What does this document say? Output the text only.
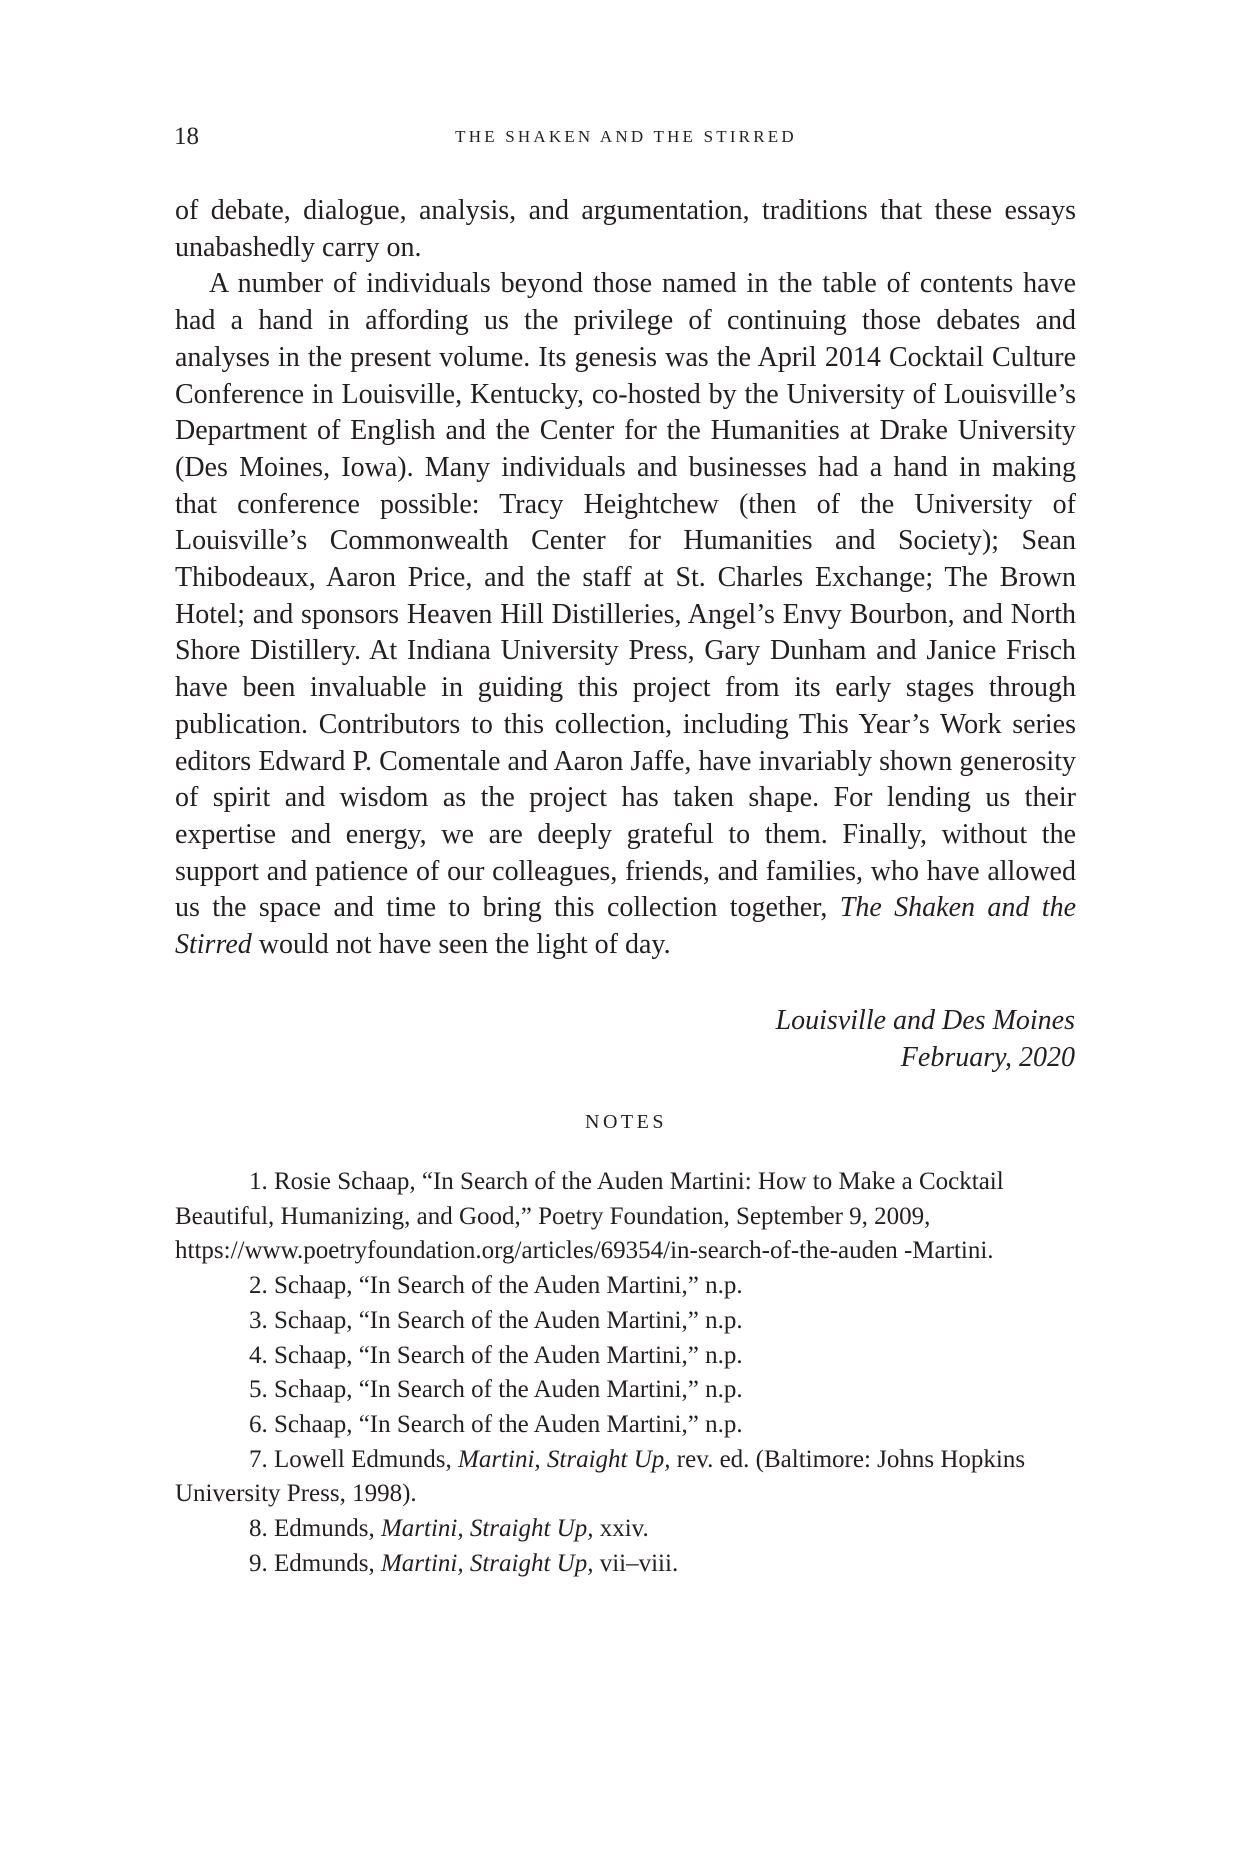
18	THE SHAKEN AND THE STIRRED

of debate, dialogue, analysis, and argumentation, traditions that these essays unabashedly carry on.

A number of individuals beyond those named in the table of contents have had a hand in affording us the privilege of continuing those debates and analyses in the present volume. Its genesis was the April 2014 Cocktail Culture Conference in Louisville, Kentucky, co-hosted by the University of Louisville’s Department of English and the Center for the Humanities at Drake University (Des Moines, Iowa). Many individuals and businesses had a hand in making that conference possible: Tracy Heightchew (then of the University of Louisville’s Commonwealth Center for Humanities and Society); Sean Thibodeaux, Aaron Price, and the staff at St. Charles Exchange; The Brown Hotel; and sponsors Heaven Hill Distilleries, Angel’s Envy Bourbon, and North Shore Distillery. At Indiana University Press, Gary Dunham and Janice Frisch have been invaluable in guiding this project from its early stages through publication. Contributors to this collection, including This Year’s Work series editors Edward P. Comentale and Aaron Jaffe, have invariably shown generosity of spirit and wisdom as the project has taken shape. For lending us their expertise and energy, we are deeply grateful to them. Finally, without the support and patience of our colleagues, friends, and families, who have allowed us the space and time to bring this collection together, The Shaken and the Stirred would not have seen the light of day.

Louisville and Des Moines
February, 2020
NOTES
1. Rosie Schaap, “In Search of the Auden Martini: How to Make a Cocktail Beautiful, Humanizing, and Good,” Poetry Foundation, September 9, 2009, https://www.poetryfoundation.org/articles/69354/in-search-of-the-auden -Martini.
2. Schaap, “In Search of the Auden Martini,” n.p.
3. Schaap, “In Search of the Auden Martini,” n.p.
4. Schaap, “In Search of the Auden Martini,” n.p.
5. Schaap, “In Search of the Auden Martini,” n.p.
6. Schaap, “In Search of the Auden Martini,” n.p.
7. Lowell Edmunds, Martini, Straight Up, rev. ed. (Baltimore: Johns Hopkins University Press, 1998).
8. Edmunds, Martini, Straight Up, xxiv.
9. Edmunds, Martini, Straight Up, vii–viii.
